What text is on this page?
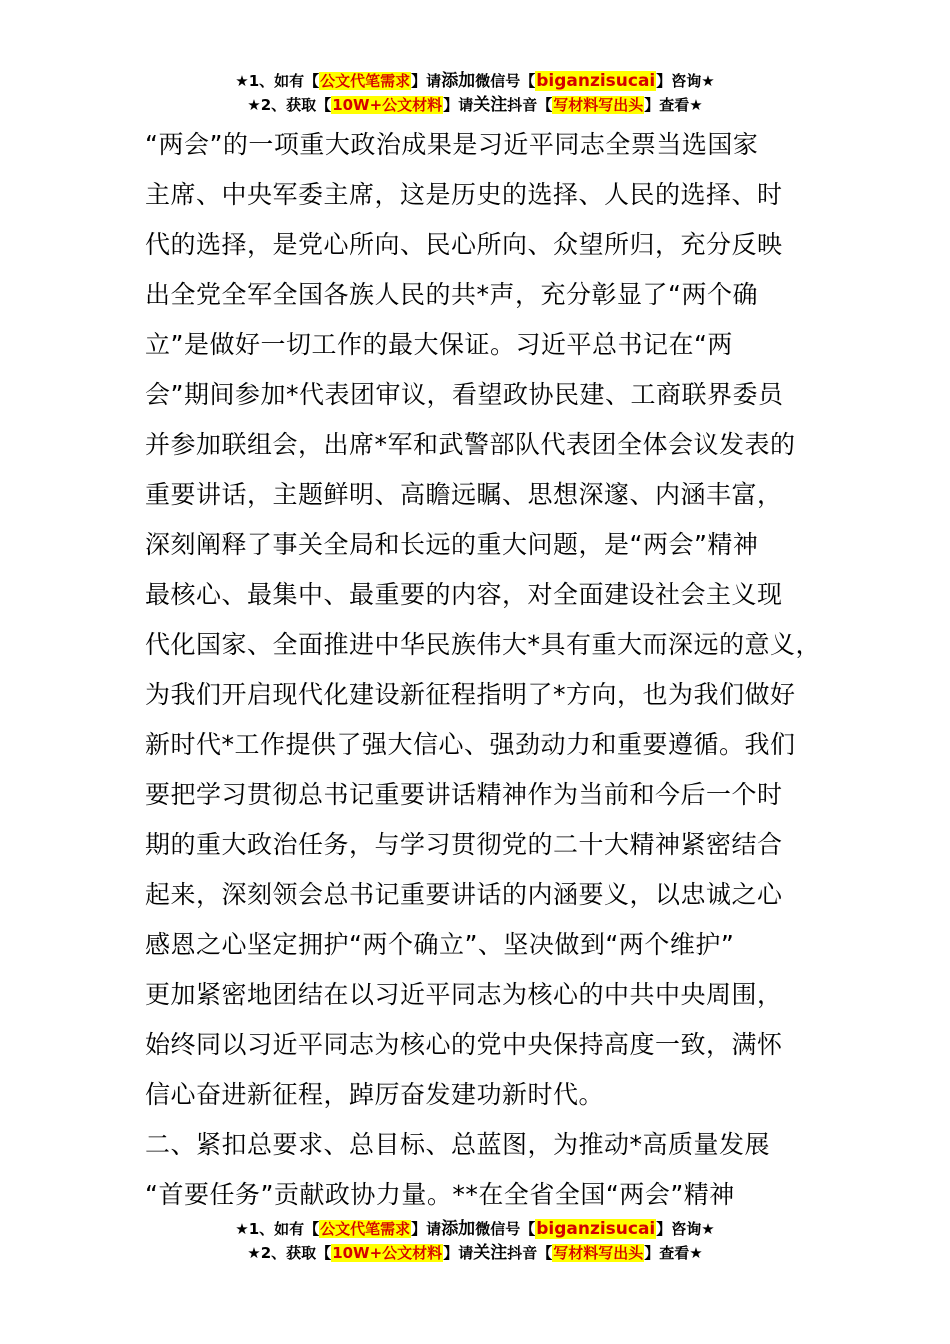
★1、如有【公文代笔需求】请添加微信号【biganzisucai】咨询★
★2、获取【10W+公文材料】请关注抖音【写材料写出头】查看★

“两会”的一项重大政治成果是习近平同志全票当选国家

主席、中央军委主席，这是历史的选择、人民的选择、时

代的选择，是党心所向、民心所向、众望所归，充分反映

出全党全军全国各族人民的共*声，充分彰显了“两个确

立”是做好一切工作的最大保证。习近平总书记在“两

会”期间参加*代表团审议，看望政协民建、工商联界委员

并参加联组会，出席*军和武警部队代表团全体会议发表的

重要讲话，主题鲜明、高瞻远瞩、思想深邃、内涵丰富，

深刻阐释了事关全局和长远的重大问题，是“两会”精神

最核心、最集中、最重要的内容，对全面建设社会主义现

代化国家、全面推进中华民族伟大*具有重大而深远的意义，

为我们开启现代化建设新征程指明了*方向，也为我们做好

新时代*工作提供了强大信心、强劲动力和重要遵循。我们

要把学习贯彻总书记重要讲话精神作为当前和今后一个时

期的重大政治任务，与学习贯彻党的二十大精神紧密结合

起来，深刻领会总书记重要讲话的内涵要义，以忠诚之心

感恩之心坚定拥护“两个确立”、坚决做到“两个维护”

更加紧密地团结在以习近平同志为核心的中共中央周围，

始终同以习近平同志为核心的党中央保持高度一致，满怀

信心奋进新征程，踔厉奋发建功新时代。

二、紧扣总要求、总目标、总蓝图，为推动*高质量发展

“首要任务”贡献政协力量。**在全省全国“两会”精神

★1、如有【公文代笔需求】请添加微信号【biganzisucai】咨询★
★2、获取【10W+公文材料】请关注抖音【写材料写出头】查看★
